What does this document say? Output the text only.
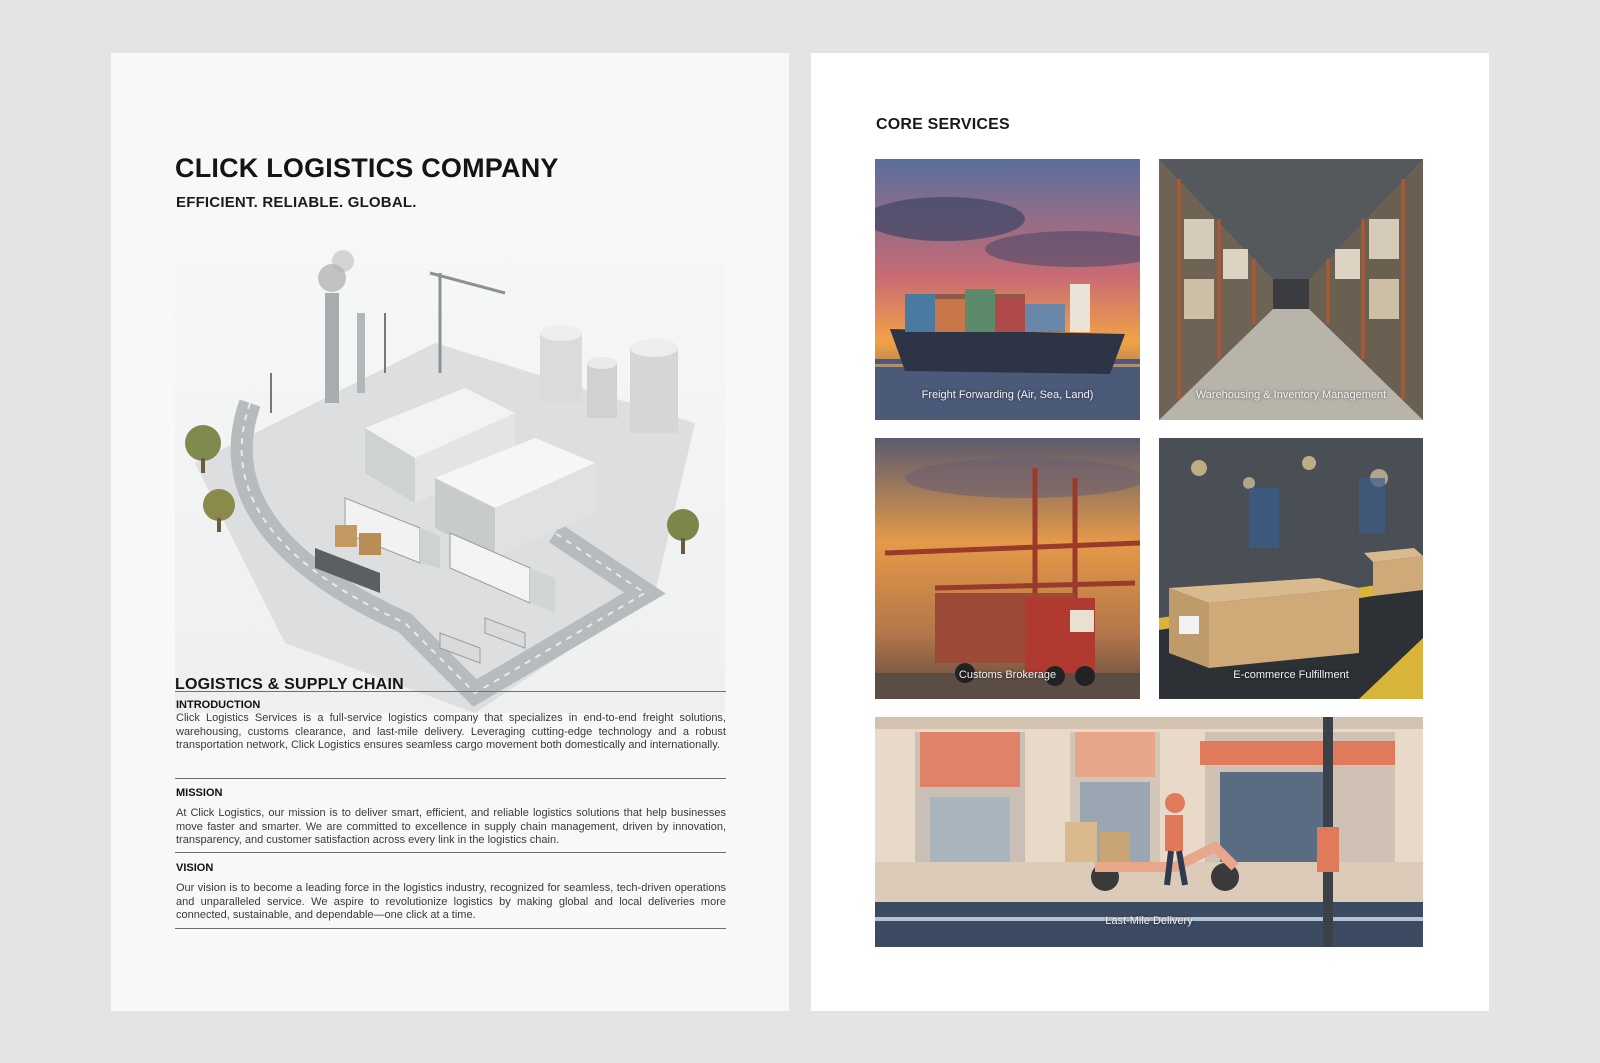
CLICK LOGISTICS COMPANY
EFFICIENT. RELIABLE. GLOBAL.
LOGISTICS & SUPPLY CHAIN
INTRODUCTION
Click Logistics Services is a full-service logistics company that specializes in end-to-end freight solutions, warehousing, customs clearance, and last-mile delivery. Leveraging cutting-edge technology and a robust transportation network, Click Logistics ensures seamless cargo movement both domestically and internationally.
MISSION
At Click Logistics, our mission is to deliver smart, efficient, and reliable logistics solutions that help businesses move faster and smarter. We are committed to excellence in supply chain management, driven by innovation, transparency, and customer satisfaction across every link in the logistics chain.
VISION
Our vision is to become a leading force in the logistics industry, recognized for seamless, tech-driven operations and unparalleled service. We aspire to revolutionize logistics by making global and local deliveries more connected, sustainable, and dependable—one click at a time.
CORE SERVICES
Freight Forwarding (Air, Sea, Land)	Warehousing & Inventory Management
Customs Brokerage	E-commerce Fulfillment
Last-Mile Delivery
